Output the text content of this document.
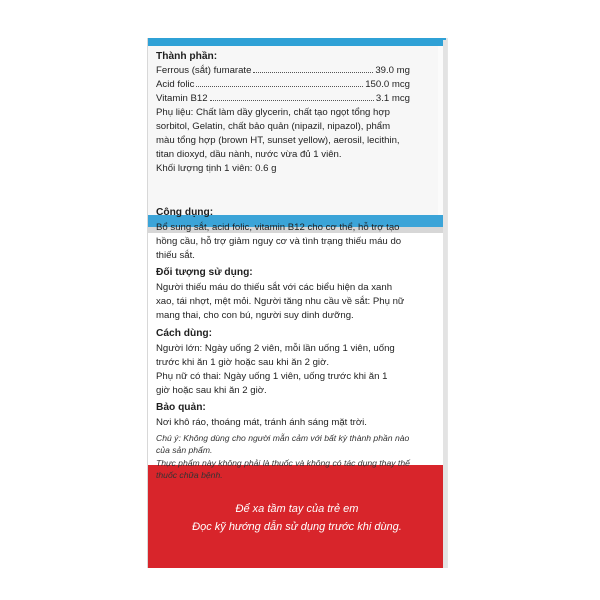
Thành phần:
Ferrous (sắt) fumarate	39.0 mg
Acid folic	150.0 mcg
Vitamin B12	3.1 mcg
Phụ liệu: Chất làm dầy glycerin, chất tạo ngọt tổng hợp
sorbitol, Gelatin, chất bảo quản (nipazil, nipazol), phẩm
màu tổng hợp (brown HT, sunset yellow), aerosil, lecithin,
titan dioxyd, dầu nành, nước vừa đủ 1 viên.
Khối lượng tịnh 1 viên: 0.6 g
Công dụng:
Bổ sung sắt, acid folic, vitamin B12 cho cơ thể, hỗ trợ tạo
hồng cầu, hỗ trợ giảm nguy cơ và tình trạng thiếu máu do
thiếu sắt.
Đối tượng sử dụng:
Người thiếu máu do thiếu sắt với các biểu hiện da xanh
xao, tái nhợt, mệt mỏi. Người tăng nhu cầu về sắt: Phụ nữ
mang thai, cho con bú, người suy dinh dưỡng.
Cách dùng:
Người lớn: Ngày uống 2 viên, mỗi lần uống 1 viên, uống
trước khi ăn 1 giờ hoặc sau khi ăn 2 giờ.
Phụ nữ có thai: Ngày uống 1 viên, uống trước khi ăn 1
giờ hoặc sau khi ăn 2 giờ.
Bảo quản:
Nơi khô ráo, thoáng mát, tránh ánh sáng mặt trời.
Chú ý: Không dùng cho người mẫn cảm với bất kỳ thành phần nào
của sản phẩm.
Thực phẩm này không phải là thuốc và không có tác dụng thay thế
thuốc chữa bệnh.
Để xa tầm tay của trẻ em
Đọc kỹ hướng dẫn sử dụng trước khi dùng.
